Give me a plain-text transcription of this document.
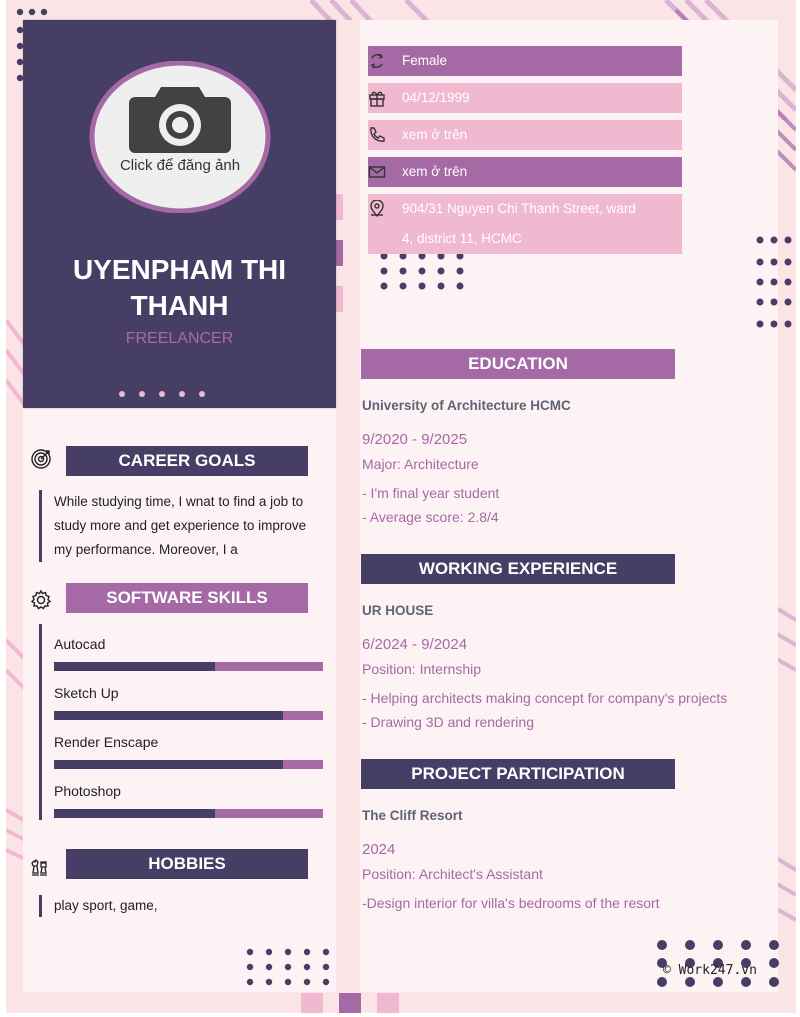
Click để đăng ảnh
UYENPHAM THI
THANH
FREELANCER
Female
04/12/1999
xem ở trên
xem ở trên
904/31 Nguyen Chi Thanh Street, ward
4, district 11, HCMC
CAREER GOALS
While studying time, I wnat to find a job to
study more and get experience to improve
my performance. Moreover, I a
SOFTWARE SKILLS
Autocad
Sketch Up
Render Enscape
Photoshop
HOBBIES
play sport, game,
EDUCATION
University of Architecture HCMC
9/2020 - 9/2025
Major: Architecture
- I'm final year student
- Average score: 2.8/4
WORKING EXPERIENCE
UR HOUSE
6/2024 - 9/2024
Position: Internship
- Helping architects making concept for company's projects
- Drawing 3D and rendering
PROJECT PARTICIPATION
The Cliff Resort
2024
Position: Architect's Assistant
-Design interior for villa's bedrooms of the resort
© Work247.vn
